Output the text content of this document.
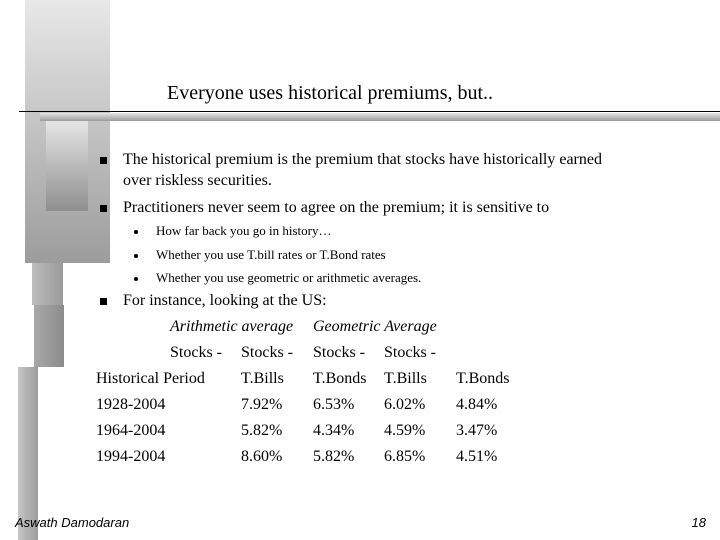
Everyone uses historical premiums, but..
The historical premium is the premium that stocks have historically earned
over riskless securities.
Practitioners never seem to agree on the premium; it is sensitive to
How far back you go in history…
Whether you use T.bill rates or T.Bond rates
Whether you use geometric or arithmetic averages.
For instance, looking at the US:
Arithmetic average Geometric Average
Stocks - Stocks - Stocks - Stocks -
Historical Period T.Bills T.Bonds T.Bills T.Bonds
1928-2004	7.92% 6.53% 6.02% 4.84%
1964-2004	5.82% 4.34% 4.59% 3.47%
1994-2004	8.60% 5.82% 6.85% 4.51%
Aswath Damodaran	18
